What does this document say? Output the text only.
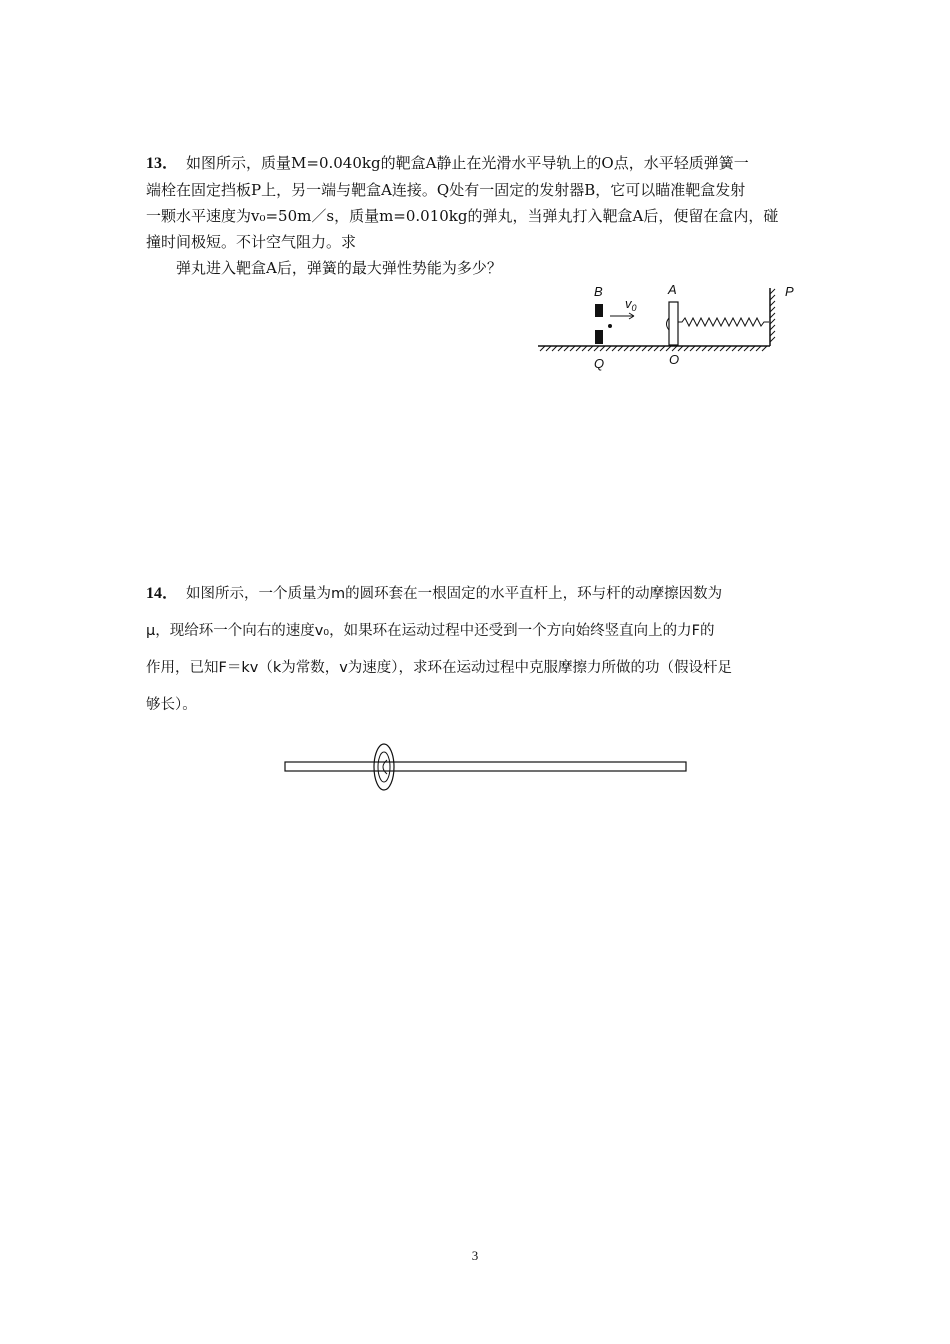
13． 如图所示，质量M=0.040kg的靶盒A静止在光滑水平导轨上的O点，水平轻质弹簧一
端栓在固定挡板P上，另一端与靶盒A连接。Q处有一固定的发射器B，它可以瞄准靶盒发射
一颗水平速度为v₀=50m／s，质量m=0.010kg的弹丸，当弹丸打入靶盒A后，便留在盒内，碰
撞时间极短。不计空气阻力。求
弹丸进入靶盒A后，弹簧的最大弹性势能为多少？
B
Q
$v_0$
A
O
P
14． 如图所示，一个质量为m的圆环套在一根固定的水平直杆上，环与杆的动摩擦因数为
μ，现给环一个向右的速度v₀，如果环在运动过程中还受到一个方向始终竖直向上的力F的
作用，已知F＝kv（k为常数，v为速度），求环在运动过程中克服摩擦力所做的功（假设杆足
够长）。
3
